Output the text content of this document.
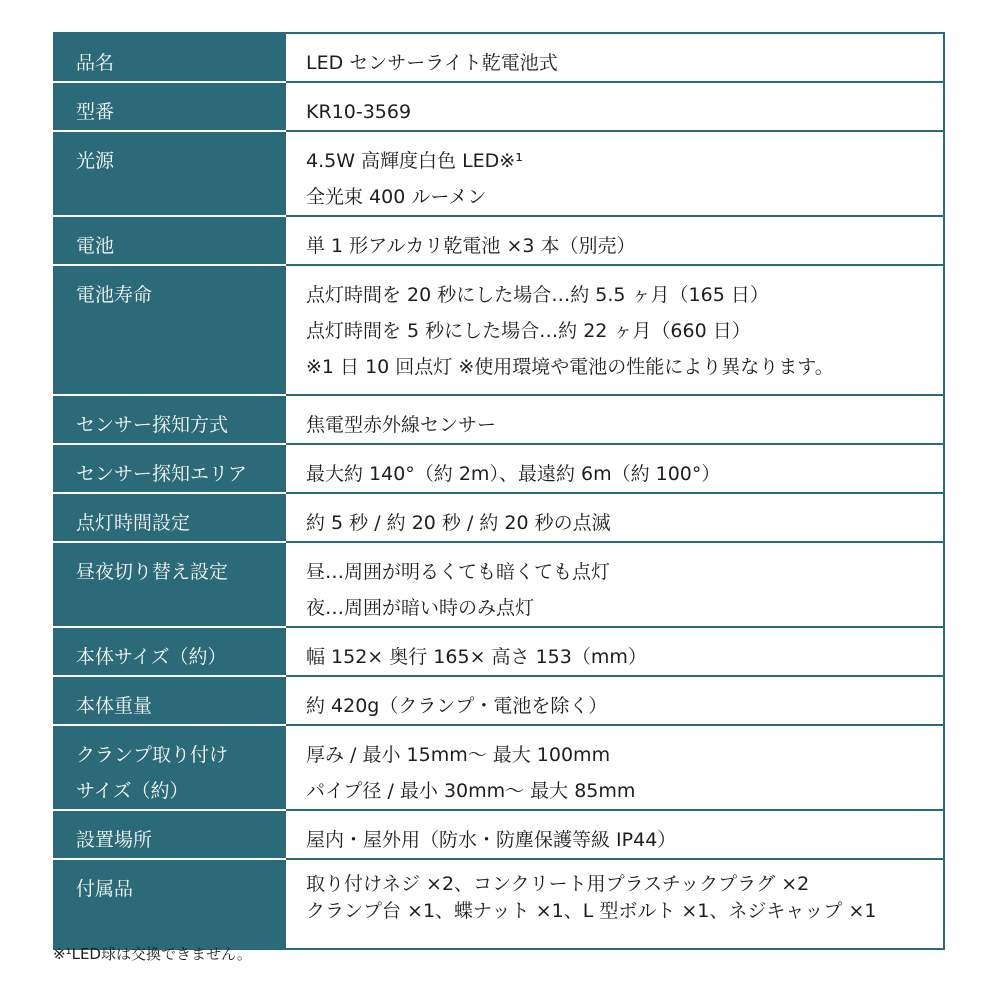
品名	LED センサーライト乾電池式

型番	KR10-3569

光源	4.5W 高輝度白色 LED※¹
全光束 400 ルーメン

電池	単 1 形アルカリ乾電池 ×3 本（別売）

電池寿命	点灯時間を 20 秒にした場合…約 5.5 ヶ月（165 日）
点灯時間を 5 秒にした場合…約 22 ヶ月（660 日）
※1 日 10 回点灯 ※使用環境や電池の性能により異なります。

センサー探知方式	焦電型赤外線センサー

センサー探知エリア	最大約 140°（約 2m）、最遠約 6m（約 100°）

点灯時間設定	約 5 秒 / 約 20 秒 / 約 20 秒の点滅

昼夜切り替え設定	昼…周囲が明るくても暗くても点灯
夜…周囲が暗い時のみ点灯

本体サイズ（約）	幅 152× 奥行 165× 高さ 153（mm）

本体重量	約 420g（クランプ・電池を除く）

クランプ取り付け
サイズ（約）	厚み / 最小 15mm～ 最大 100mm
パイプ径 / 最小 30mm～ 最大 85mm

設置場所	屋内・屋外用（防水・防塵保護等級 IP44）

付属品	取り付けネジ ×2、コンクリート用プラスチックプラグ ×2
クランプ台 ×1、蝶ナット ×1、L 型ボルト ×1、ネジキャップ ×1
※¹LED球は交換できません。
